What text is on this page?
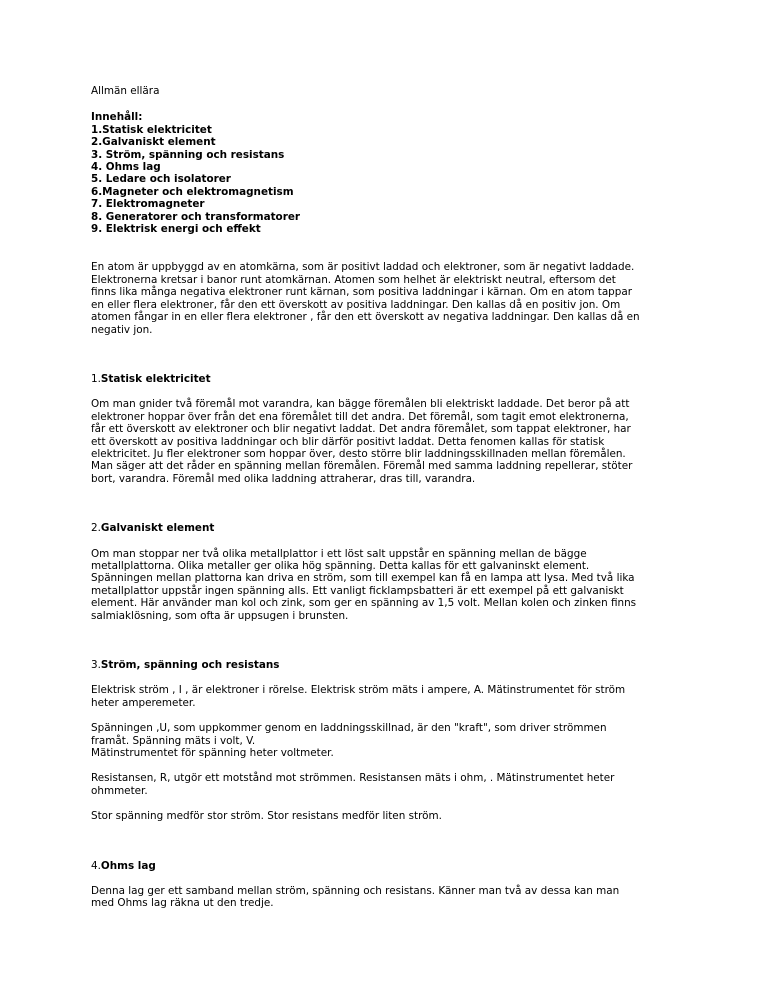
Allmän ellära

Innehåll:

1.Statisk elektricitet

2.Galvaniskt element

3. Ström, spänning och resistans

4. Ohms lag

5. Ledare och isolatorer

6.Magneter och elektromagnetism

7. Elektromagneter

8. Generatorer och transformatorer

9. Elektrisk energi och effekt

En atom är uppbyggd av en atomkärna, som är positivt laddad och elektroner, som är negativt laddade.

Elektronerna kretsar i banor runt atomkärnan. Atomen som helhet är elektriskt neutral, eftersom det

finns lika många negativa elektroner runt kärnan, som positiva laddningar i kärnan. Om en atom tappar

en eller flera elektroner, får den ett överskott av positiva laddningar. Den kallas då en positiv jon. Om

atomen fångar in en eller flera elektroner , får den ett överskott av negativa laddningar. Den kallas då en

negativ jon.

1.Statisk elektricitet

Om man gnider två föremål mot varandra, kan bägge föremålen bli elektriskt laddade. Det beror på att

elektroner hoppar över från det ena föremålet till det andra. Det föremål, som tagit emot elektronerna,

får ett överskott av elektroner och blir negativt laddat. Det andra föremålet, som tappat elektroner, har

ett överskott av positiva laddningar och blir därför positivt laddat. Detta fenomen kallas för statisk

elektricitet. Ju fler elektroner som hoppar över, desto större blir laddningsskillnaden mellan föremålen.

Man säger att det råder en spänning mellan föremålen. Föremål med samma laddning repellerar, stöter

bort, varandra. Föremål med olika laddning attraherar, dras till, varandra.

2.Galvaniskt element

Om man stoppar ner två olika metallplattor i ett löst salt uppstår en spänning mellan de bägge

metallplattorna. Olika metaller ger olika hög spänning. Detta kallas för ett galvaninskt element.

Spänningen mellan plattorna kan driva en ström, som till exempel kan få en lampa att lysa. Med två lika

metallplattor uppstår ingen spänning alls. Ett vanligt ficklampsbatteri är ett exempel på ett galvaniskt

element. Här använder man kol och zink, som ger en spänning av 1,5 volt. Mellan kolen och zinken finns

salmiaklösning, som ofta är uppsugen i brunsten.

3.Ström, spänning och resistans

Elektrisk ström , I , är elektroner i rörelse. Elektrisk ström mäts i ampere, A. Mätinstrumentet för ström

heter amperemeter.

Spänningen ,U, som uppkommer genom en laddningsskillnad, är den "kraft", som driver strömmen

framåt. Spänning mäts i volt, V.

Mätinstrumentet för spänning heter voltmeter.

Resistansen, R, utgör ett motstånd mot strömmen. Resistansen mäts i ohm, . Mätinstrumentet heter

ohmmeter.

Stor spänning medför stor ström. Stor resistans medför liten ström.

4.Ohms lag

Denna lag ger ett samband mellan ström, spänning och resistans. Känner man två av dessa kan man

med Ohms lag räkna ut den tredje.
